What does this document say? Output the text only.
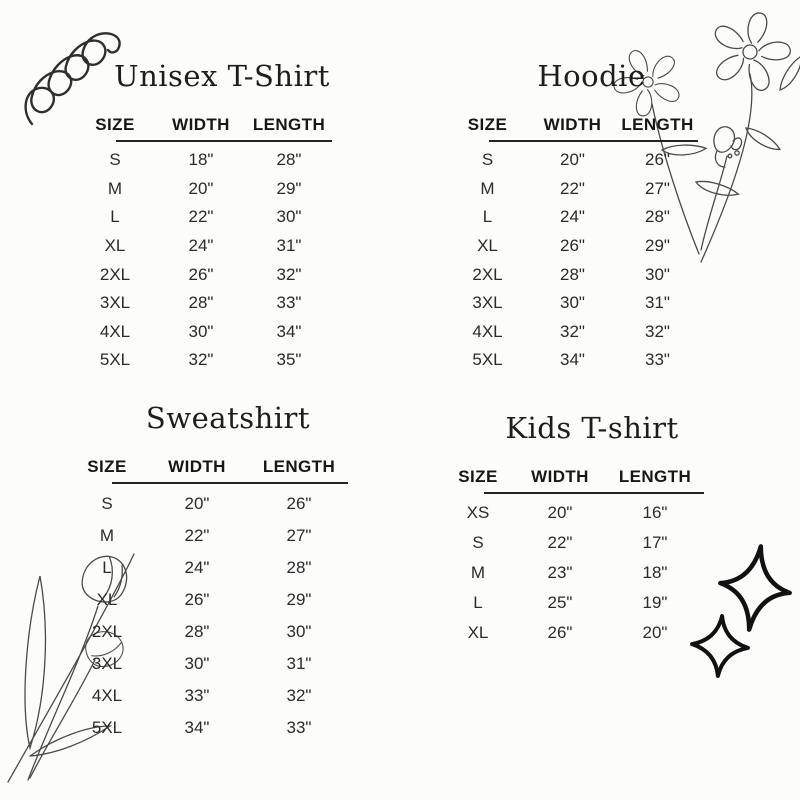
Unisex T-Shirt
SIZE	WIDTH	LENGTH
S	18"	28"
M	20"	29"
L	22"	30"
XL	24"	31"
2XL	26"	32"
3XL	28"	33"
4XL	30"	34"
5XL	32"	35"
Hoodie
SIZE	WIDTH	LENGTH
S	20"	26"
M	22"	27"
L	24"	28"
XL	26"	29"
2XL	28"	30"
3XL	30"	31"
4XL	32"	32"
5XL	34"	33"
Sweatshirt
SIZE	WIDTH	LENGTH
S	20"	26"
M	22"	27"
L	24"	28"
XL	26"	29"
2XL	28"	30"
3XL	30"	31"
4XL	33"	32"
5XL	34"	33"
Kids T-shirt
SIZE	WIDTH	LENGTH
XS	20"	16"
S	22"	17"
M	23"	18"
L	25"	19"
XL	26"	20"
